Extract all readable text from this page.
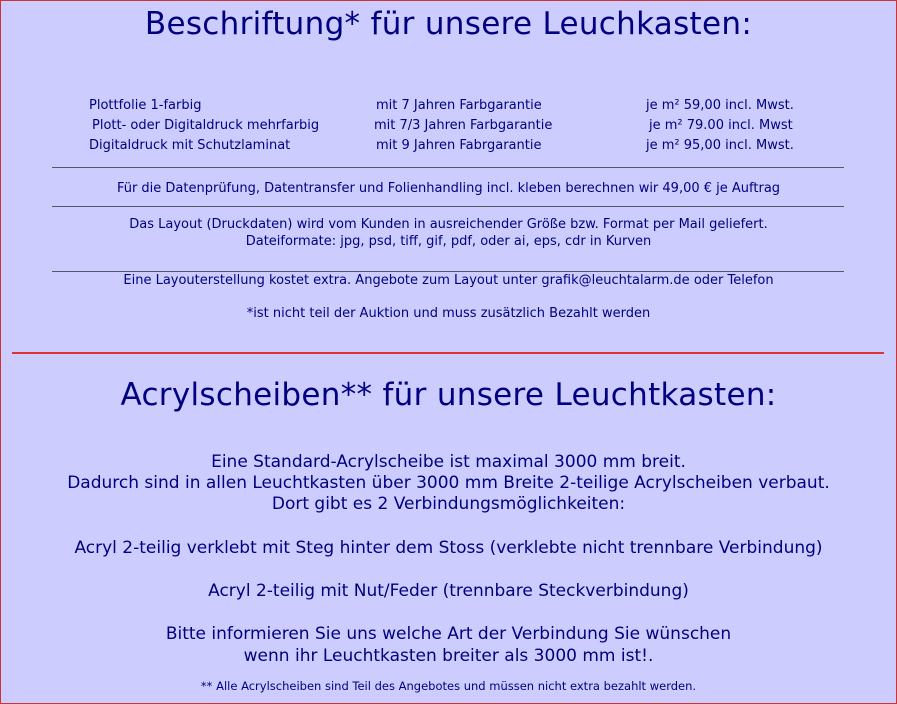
Beschriftung* für unsere Leuchkasten:
Plottfolie 1-farbig	mit 7 Jahren Farbgarantie	je m² 59,00 incl. Mwst.
Plott- oder Digitaldruck mehrfarbig	mit 7/3 Jahren Farbgarantie	je m² 79.00 incl. Mwst
Digitaldruck mit Schutzlaminat	mit 9 Jahren Fabrgarantie	je m² 95,00 incl. Mwst.
Für die Datenprüfung, Datentransfer und Folienhandling incl. kleben berechnen wir 49,00 € je Auftrag
Das Layout (Druckdaten) wird vom Kunden in ausreichender Größe bzw. Format per Mail geliefert.
Dateiformate: jpg, psd, tiff, gif, pdf, oder ai, eps, cdr in Kurven
Eine Layouterstellung kostet extra. Angebote zum Layout unter grafik@leuchtalarm.de oder Telefon
*ist nicht teil der Auktion und muss zusätzlich Bezahlt werden
Acrylscheiben** für unsere Leuchtkasten:
Eine Standard-Acrylscheibe ist maximal 3000 mm breit.
Dadurch sind in allen Leuchtkasten über 3000 mm Breite 2-teilige Acrylscheiben verbaut.
Dort gibt es 2 Verbindungsmöglichkeiten:
Acryl 2-teilig verklebt mit Steg hinter dem Stoss (verklebte nicht trennbare Verbindung)
Acryl 2-teilig mit Nut/Feder (trennbare Steckverbindung)
Bitte informieren Sie uns welche Art der Verbindung Sie wünschen
wenn ihr Leuchtkasten breiter als 3000 mm ist!.
** Alle Acrylscheiben sind Teil des Angebotes und müssen nicht extra bezahlt werden.
